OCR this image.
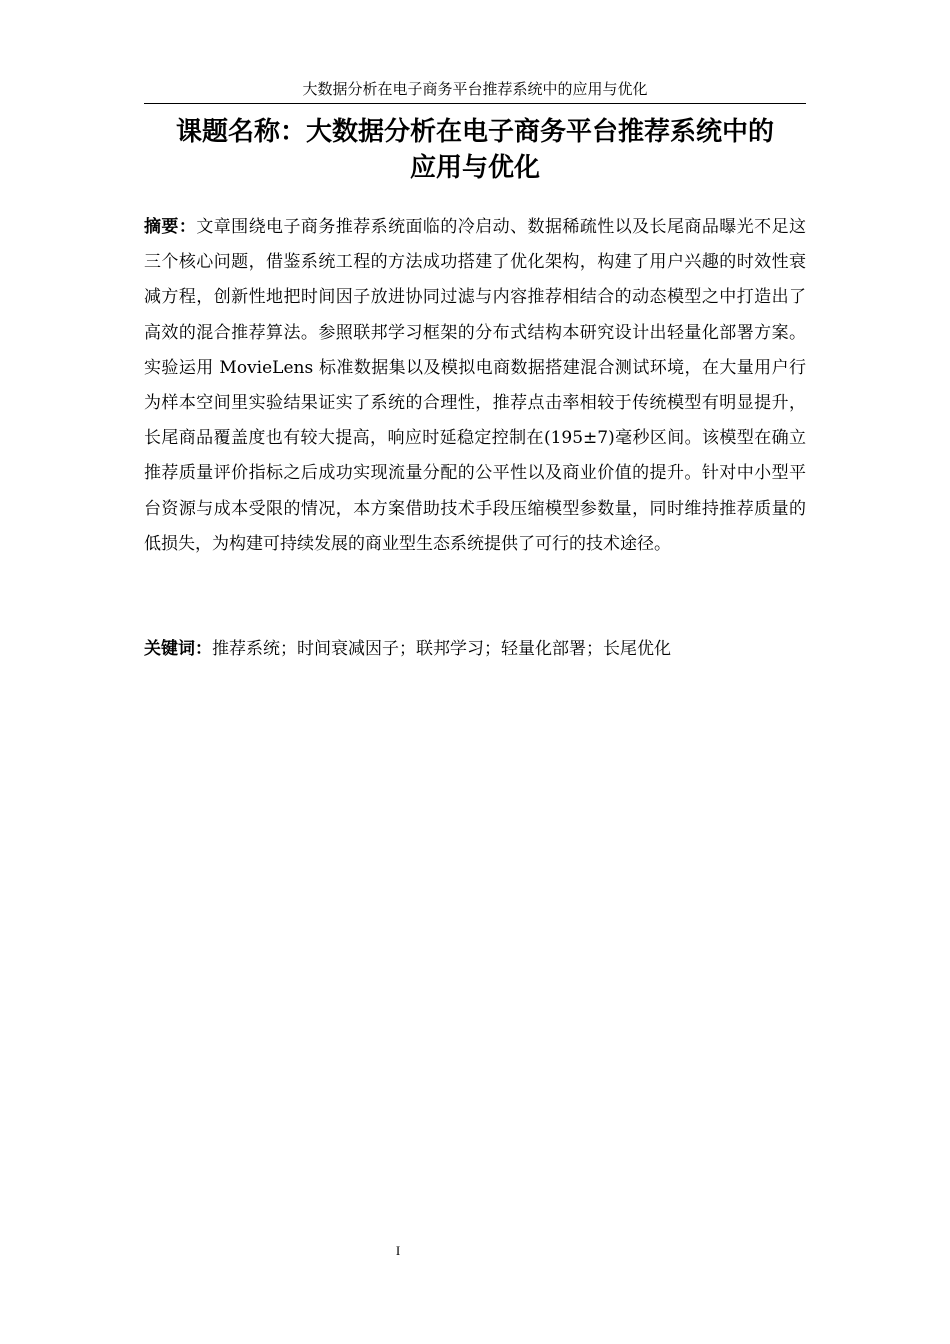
大数据分析在电子商务平台推荐系统中的应用与优化
课题名称：大数据分析在电子商务平台推荐系统中的
应用与优化

摘要：文章围绕电子商务推荐系统面临的冷启动、数据稀疏性以及长尾商品曝光不足这三个核心问题，借鉴系统工程的方法成功搭建了优化架构，构建了用户兴趣的时效性衰减方程，创新性地把时间因子放进协同过滤与内容推荐相结合的动态模型之中打造出了高效的混合推荐算法。参照联邦学习框架的分布式结构本研究设计出轻量化部署方案。实验运用 MovieLens 标准数据集以及模拟电商数据搭建混合测试环境，在大量用户行为样本空间里实验结果证实了系统的合理性，推荐点击率相较于传统模型有明显提升，长尾商品覆盖度也有较大提高，响应时延稳定控制在(195±7)毫秒区间。该模型在确立推荐质量评价指标之后成功实现流量分配的公平性以及商业价值的提升。针对中小型平台资源与成本受限的情况，本方案借助技术手段压缩模型参数量，同时维持推荐质量的低损失，为构建可持续发展的商业型生态系统提供了可行的技术途径。

关键词：推荐系统；时间衰减因子；联邦学习；轻量化部署；长尾优化

I
